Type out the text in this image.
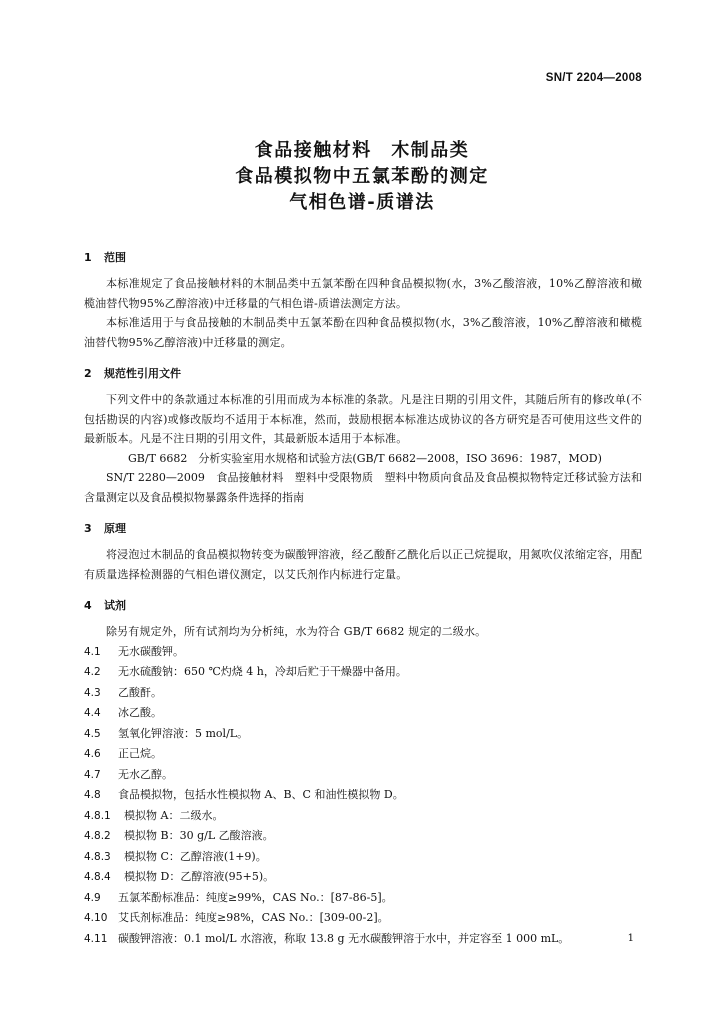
SN/T 2204—2008
食品接触材料　木制品类
食品模拟物中五氯苯酚的测定
气相色谱-质谱法

1 范围

本标准规定了食品接触材料的木制品类中五氯苯酚在四种食品模拟物(水，3%乙酸溶液，10%乙醇溶液和橄榄油替代物95%乙醇溶液)中迁移量的气相色谱-质谱法测定方法。

本标准适用于与食品接触的木制品类中五氯苯酚在四种食品模拟物(水，3%乙酸溶液，10%乙醇溶液和橄榄油替代物95%乙醇溶液)中迁移量的测定。

2 规范性引用文件

下列文件中的条款通过本标准的引用而成为本标准的条款。凡是注日期的引用文件，其随后所有的修改单(不包括勘误的内容)或修改版均不适用于本标准，然而，鼓励根据本标准达成协议的各方研究是否可使用这些文件的最新版本。凡是不注日期的引用文件，其最新版本适用于本标准。

GB/T 6682　 分析实验室用水规格和试验方法(GB/T 6682—2008，ISO 3696：1987，MOD)

SN/T 2280—2009　 食品接触材料　塑料中受限物质　塑料中物质向食品及食品模拟物特定迁移试验方法和含量测定以及食品模拟物暴露条件选择的指南

3 原理

将浸泡过木制品的食品模拟物转变为碳酸钾溶液，经乙酸酐乙酰化后以正己烷提取，用氮吹仪浓缩定容，用配有质量选择检测器的气相色谱仪测定，以艾氏剂作内标进行定量。

4 试剂

除另有规定外，所有试剂均为分析纯，水为符合 GB/T 6682 规定的二级水。

4.1 无水碳酸钾。

4.2 无水硫酸钠：650 ℃灼烧 4 h，冷却后贮于干燥器中备用。

4.3 乙酸酐。

4.4 冰乙酸。

4.5 氢氧化钾溶液：5 mol/L。

4.6 正己烷。

4.7 无水乙醇。

4.8 食品模拟物，包括水性模拟物 A、B、C 和油性模拟物 D。

4.8.1 模拟物 A：二级水。

4.8.2 模拟物 B：30 g/L 乙酸溶液。

4.8.3 模拟物 C：乙醇溶液(1+9)。

4.8.4 模拟物 D：乙醇溶液(95+5)。

4.9 五氯苯酚标准品：纯度≥99%，CAS No.：[87-86-5]。

4.10 艾氏剂标准品：纯度≥98%，CAS No.：[309-00-2]。

4.11 碳酸钾溶液：0.1 mol/L 水溶液，称取 13.8 g 无水碳酸钾溶于水中，并定容至 1 000 mL。	1
